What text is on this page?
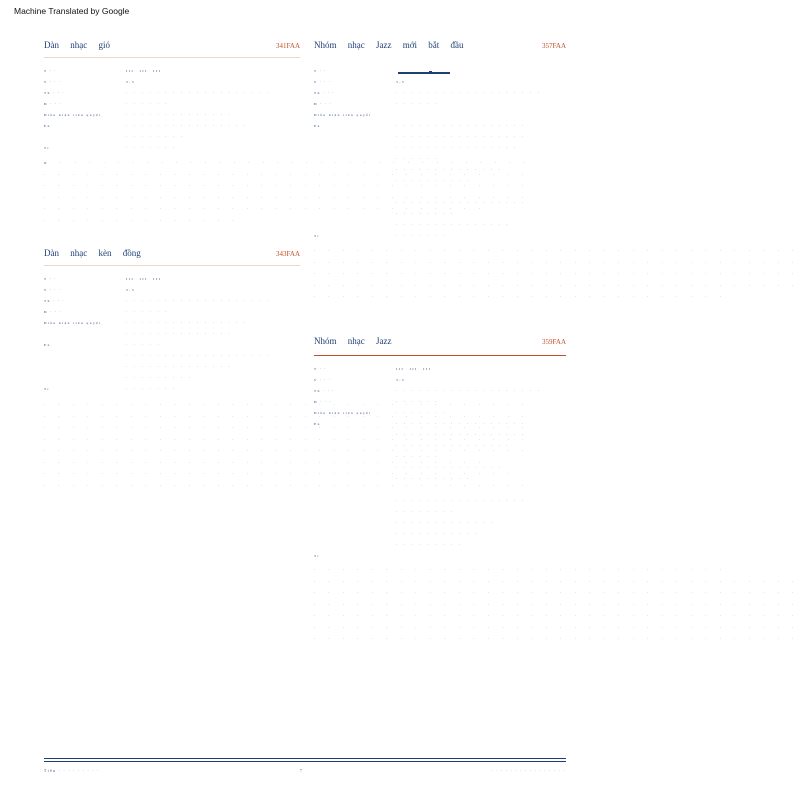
Machine Translated by Google
Dàn nhạc gió	341FAA
T ∙ ∙	III III III
S ∙ ∙ ∙	3-5
Th ∙ ∙ ∙	∙ ∙ ∙ ∙ ∙ ∙ ∙ ∙ ∙ ∙ ∙ ∙ ∙ ∙ ∙ ∙ ∙ ∙ ∙
Đ ∙ ∙ ∙	∙ ∙ ∙ ∙ ∙ ∙
Điều kiện tiên quyết	∙ ∙ ∙ ∙ ∙ ∙ ∙ ∙ ∙ ∙ ∙ ∙ ∙ ∙
En	∙ ∙ ∙ ∙ ∙ ∙ ∙ ∙ ∙ ∙ ∙ ∙ ∙ ∙ ∙ ∙
∙ ∙ ∙ ∙ ∙ ∙ ∙ ∙
Tr	∙ ∙ ∙ ∙ ∙ ∙ ∙
N ∙ ∙ ∙ ∙ ∙ ∙ ∙ ∙ ∙ ∙ ∙ ∙ ∙ ∙ ∙ ∙ ∙ ∙ ∙ ∙ ∙ ∙ ∙ ∙ ∙ ∙ ∙ ∙ ∙ ∙ ∙ ∙ ∙
∙ ∙ ∙ ∙ ∙ ∙ ∙ ∙ ∙ ∙ ∙ ∙ ∙ ∙ ∙ ∙ ∙ ∙ ∙ ∙ ∙ ∙ ∙ ∙ ∙ ∙ ∙ ∙ ∙ ∙ ∙ ∙ ∙ ∙
∙ ∙ ∙ ∙ ∙ ∙ ∙ ∙ ∙ ∙ ∙ ∙ ∙ ∙ ∙ ∙ ∙ ∙ ∙ ∙ ∙ ∙ ∙ ∙ ∙ ∙ ∙ ∙ ∙ ∙ ∙ ∙ ∙ ∙
∙ ∙ ∙ ∙ ∙ ∙ ∙ ∙ ∙ ∙ ∙ ∙ ∙ ∙ ∙ ∙ ∙ ∙ ∙ ∙ ∙ ∙ ∙ ∙ ∙ ∙ ∙ ∙ ∙ ∙ ∙ ∙ ∙ ∙
∙ ∙ ∙ ∙ ∙ ∙ ∙ ∙ ∙ ∙ ∙ ∙ ∙ ∙ ∙ ∙ ∙ ∙ ∙ ∙ ∙ ∙ ∙ ∙ ∙ ∙ ∙ ∙ ∙ ∙ ∙
∙ ∙ ∙ ∙ ∙ ∙ ∙ ∙ ∙ ∙ ∙ ∙ ∙ ∙
Dàn nhạc kèn đồng	343FAA
T ∙ ∙	III III III
S ∙ ∙ ∙	3-5
Th ∙ ∙ ∙	∙ ∙ ∙ ∙ ∙ ∙ ∙ ∙ ∙ ∙ ∙ ∙ ∙ ∙ ∙ ∙ ∙ ∙ ∙
Đ ∙ ∙ ∙	∙ ∙ ∙ ∙ ∙ ∙
Điều kiện tiên quyết	∙ ∙ ∙ ∙ ∙ ∙ ∙ ∙ ∙ ∙ ∙ ∙ ∙ ∙ ∙ ∙
∙ ∙ ∙ ∙ ∙ ∙ ∙ ∙ ∙ ∙ ∙ ∙ ∙ ∙
En	∙ ∙ ∙ ∙ ∙
∙ ∙ ∙ ∙ ∙ ∙ ∙ ∙ ∙ ∙ ∙ ∙ ∙ ∙ ∙ ∙ ∙ ∙ ∙
∙ ∙ ∙ ∙ ∙ ∙ ∙ ∙ ∙ ∙ ∙ ∙ ∙ ∙
∙ ∙ ∙ ∙ ∙ ∙ ∙ ∙ ∙
Tr	∙ ∙ ∙ ∙ ∙ ∙ ∙
∙ ∙ ∙ ∙ ∙ ∙ ∙ ∙ ∙ ∙ ∙ ∙ ∙ ∙ ∙ ∙ ∙ ∙ ∙ ∙ ∙ ∙ ∙ ∙ ∙ ∙ ∙ ∙ ∙ ∙ ∙ ∙ ∙ ∙
∙ ∙ ∙ ∙ ∙ ∙ ∙ ∙ ∙ ∙ ∙ ∙ ∙ ∙ ∙ ∙ ∙ ∙ ∙ ∙ ∙ ∙ ∙ ∙ ∙ ∙ ∙ ∙ ∙ ∙ ∙ ∙ ∙ ∙
∙ ∙ ∙ ∙ ∙ ∙ ∙ ∙ ∙ ∙ ∙ ∙ ∙ ∙ ∙ ∙ ∙ ∙ ∙ ∙ ∙ ∙ ∙ ∙ ∙ ∙ ∙ ∙ ∙ ∙ ∙ ∙ ∙ ∙
∙ ∙ ∙ ∙ ∙ ∙ ∙ ∙ ∙ ∙ ∙ ∙ ∙ ∙ ∙ ∙ ∙ ∙ ∙ ∙ ∙ ∙ ∙ ∙ ∙ ∙ ∙ ∙ ∙ ∙ ∙ ∙ ∙ ∙
∙ ∙ ∙ ∙ ∙ ∙ ∙ ∙ ∙ ∙ ∙ ∙ ∙ ∙ ∙ ∙ ∙ ∙ ∙ ∙ ∙ ∙ ∙ ∙ ∙ ∙ ∙ ∙ ∙ ∙ ∙ ∙ ∙ ∙
∙ ∙ ∙ ∙ ∙ ∙ ∙ ∙ ∙ ∙ ∙ ∙ ∙ ∙ ∙ ∙ ∙ ∙ ∙ ∙ ∙ ∙ ∙ ∙ ∙ ∙ ∙ ∙ ∙ ∙ ∙
∙ ∙ ∙ ∙ ∙ ∙ ∙ ∙ ∙ ∙ ∙ ∙ ∙ ∙ ∙ ∙ ∙ ∙ ∙ ∙ ∙ ∙ ∙ ∙ ∙ ∙ ∙ ∙ ∙ ∙ ∙ ∙ ∙
∙ ∙ ∙ ∙ ∙ ∙ ∙ ∙ ∙ ∙ ∙ ∙ ∙ ∙ ∙ ∙ ∙ ∙ ∙ ∙ ∙ ∙ ∙ ∙ ∙ ∙ ∙ ∙ ∙ ∙ ∙ ∙ ∙ ∙
Nhóm nhạc Jazz mới bắt đầu	357FAA
T ∙ ∙
S ∙ ∙ ∙	3-5
Th ∙ ∙ ∙	∙ ∙ ∙ ∙ ∙ ∙ ∙ ∙ ∙ ∙ ∙ ∙ ∙ ∙ ∙ ∙ ∙ ∙ ∙
Đ ∙ ∙ ∙	∙ ∙ ∙ ∙ ∙ ∙
Điều kiện tiên quyết
En	∙ ∙ ∙ ∙ ∙ ∙ ∙ ∙ ∙ ∙ ∙ ∙ ∙ ∙ ∙ ∙ ∙
∙ ∙ ∙ ∙ ∙ ∙ ∙ ∙ ∙ ∙ ∙ ∙ ∙ ∙ ∙ ∙ ∙
∙ ∙ ∙ ∙ ∙ ∙ ∙ ∙ ∙ ∙ ∙ ∙ ∙ ∙ ∙ ∙
∙ ∙ ∙ ∙ ∙ ∙
∙ ∙ ∙ ∙ ∙ ∙ ∙ ∙ ∙ ∙ ∙ ∙ ∙ ∙
∙ ∙ ∙ ∙ ∙ ∙ ∙ ∙ ∙ ∙
∙ ∙ ∙ ∙ ∙ ∙ ∙ ∙ ∙ ∙ ∙ ∙ ∙ ∙ ∙ ∙ ∙
∙ ∙ ∙ ∙ ∙ ∙ ∙ ∙
∙ ∙ ∙ ∙ ∙ ∙ ∙ ∙ ∙ ∙ ∙ ∙ ∙ ∙ ∙
Tr	∙ ∙ ∙ ∙ ∙ ∙ ∙
∙ ∙ ∙ ∙ ∙ ∙ ∙ ∙ ∙ ∙ ∙ ∙ ∙ ∙ ∙ ∙ ∙ ∙ ∙ ∙ ∙ ∙ ∙ ∙ ∙ ∙ ∙ ∙ ∙ ∙ ∙ ∙ ∙ ∙
∙ ∙ ∙ ∙ ∙ ∙ ∙ ∙ ∙ ∙ ∙ ∙ ∙ ∙ ∙ ∙ ∙ ∙ ∙ ∙ ∙ ∙ ∙ ∙ ∙ ∙ ∙ ∙ ∙ ∙ ∙ ∙ ∙ ∙
∙ ∙ ∙ ∙ ∙ ∙ ∙ ∙ ∙ ∙ ∙ ∙ ∙ ∙ ∙ ∙ ∙ ∙ ∙ ∙ ∙ ∙ ∙ ∙ ∙ ∙ ∙ ∙ ∙ ∙ ∙ ∙ ∙ ∙
∙ ∙ ∙ ∙ ∙ ∙ ∙ ∙ ∙ ∙ ∙ ∙ ∙ ∙ ∙ ∙ ∙ ∙ ∙ ∙ ∙ ∙ ∙ ∙ ∙ ∙ ∙ ∙ ∙ ∙ ∙ ∙ ∙ ∙
∙ ∙ ∙ ∙ ∙ ∙ ∙ ∙ ∙ ∙ ∙ ∙ ∙ ∙ ∙ ∙ ∙ ∙ ∙ ∙ ∙ ∙ ∙ ∙ ∙ ∙ ∙ ∙ ∙
Nhóm nhạc Jazz	359FAA
T ∙ ∙	III III III
S ∙ ∙ ∙	3-5
Th ∙ ∙ ∙	∙ ∙ ∙ ∙ ∙ ∙ ∙ ∙ ∙ ∙ ∙ ∙ ∙ ∙ ∙ ∙ ∙ ∙ ∙
Đ ∙ ∙ ∙	∙ ∙ ∙ ∙ ∙ ∙
Điều kiện tiên quyết	∙ ∙ ∙ ∙ ∙ ∙ ∙
En	∙ ∙ ∙ ∙ ∙ ∙ ∙ ∙ ∙ ∙ ∙ ∙ ∙ ∙ ∙ ∙ ∙
∙ ∙ ∙ ∙ ∙ ∙ ∙ ∙ ∙ ∙ ∙ ∙ ∙ ∙ ∙ ∙ ∙
∙ ∙ ∙ ∙ ∙ ∙ ∙ ∙ ∙ ∙ ∙ ∙ ∙ ∙ ∙
∙ ∙ ∙ ∙ ∙ ∙
∙ ∙ ∙ ∙ ∙ ∙ ∙ ∙ ∙ ∙ ∙ ∙ ∙ ∙
∙ ∙ ∙ ∙ ∙ ∙ ∙ ∙ ∙ ∙
∙ ∙ ∙ ∙ ∙ ∙ ∙ ∙ ∙ ∙ ∙ ∙ ∙ ∙ ∙ ∙ ∙
∙ ∙ ∙ ∙ ∙ ∙ ∙ ∙
∙ ∙ ∙ ∙ ∙ ∙ ∙ ∙ ∙ ∙ ∙ ∙ ∙
∙ ∙ ∙ ∙ ∙ ∙ ∙ ∙ ∙ ∙ ∙
∙ ∙ ∙ ∙ ∙ ∙ ∙ ∙ ∙
Tr
∙ ∙ ∙ ∙ ∙ ∙ ∙ ∙ ∙ ∙ ∙ ∙ ∙ ∙ ∙ ∙ ∙ ∙ ∙ ∙ ∙ ∙ ∙ ∙ ∙ ∙ ∙ ∙ ∙
∙ ∙ ∙ ∙ ∙ ∙ ∙ ∙ ∙ ∙ ∙ ∙ ∙ ∙ ∙ ∙ ∙ ∙ ∙ ∙ ∙ ∙ ∙ ∙ ∙ ∙ ∙ ∙ ∙ ∙ ∙ ∙ ∙ ∙
∙ ∙ ∙ ∙ ∙ ∙ ∙ ∙ ∙ ∙ ∙ ∙ ∙ ∙ ∙ ∙ ∙ ∙ ∙ ∙ ∙ ∙ ∙ ∙ ∙ ∙ ∙ ∙ ∙ ∙ ∙ ∙ ∙ ∙
∙ ∙ ∙ ∙ ∙ ∙ ∙ ∙ ∙ ∙ ∙ ∙ ∙ ∙ ∙ ∙ ∙ ∙ ∙ ∙ ∙ ∙ ∙ ∙ ∙ ∙ ∙ ∙ ∙ ∙ ∙ ∙ ∙ ∙
∙ ∙ ∙ ∙ ∙ ∙ ∙ ∙ ∙ ∙ ∙ ∙ ∙ ∙ ∙ ∙ ∙ ∙ ∙ ∙ ∙ ∙ ∙ ∙ ∙ ∙ ∙ ∙ ∙ ∙ ∙ ∙ ∙ ∙
∙ ∙ ∙ ∙ ∙ ∙ ∙ ∙ ∙ ∙ ∙ ∙ ∙ ∙ ∙ ∙ ∙ ∙ ∙ ∙ ∙ ∙ ∙ ∙ ∙ ∙ ∙ ∙ ∙ ∙ ∙ ∙ ∙ ∙
∙ ∙ ∙ ∙ ∙ ∙ ∙ ∙ ∙ ∙ ∙ ∙ ∙ ∙ ∙ ∙ ∙ ∙ ∙ ∙ ∙ ∙ ∙ ∙ ∙ ∙ ∙ ∙ ∙ ∙ ∙ ∙ ∙ ∙
Tiêu ∙ ∙ ∙ ∙ ∙ ∙ ∙ ∙ ∙	7	∙ ∙ ∙ ∙ ∙ ∙ ∙ ∙ ∙ ∙ ∙ ∙ ∙ ∙ ∙ ∙
